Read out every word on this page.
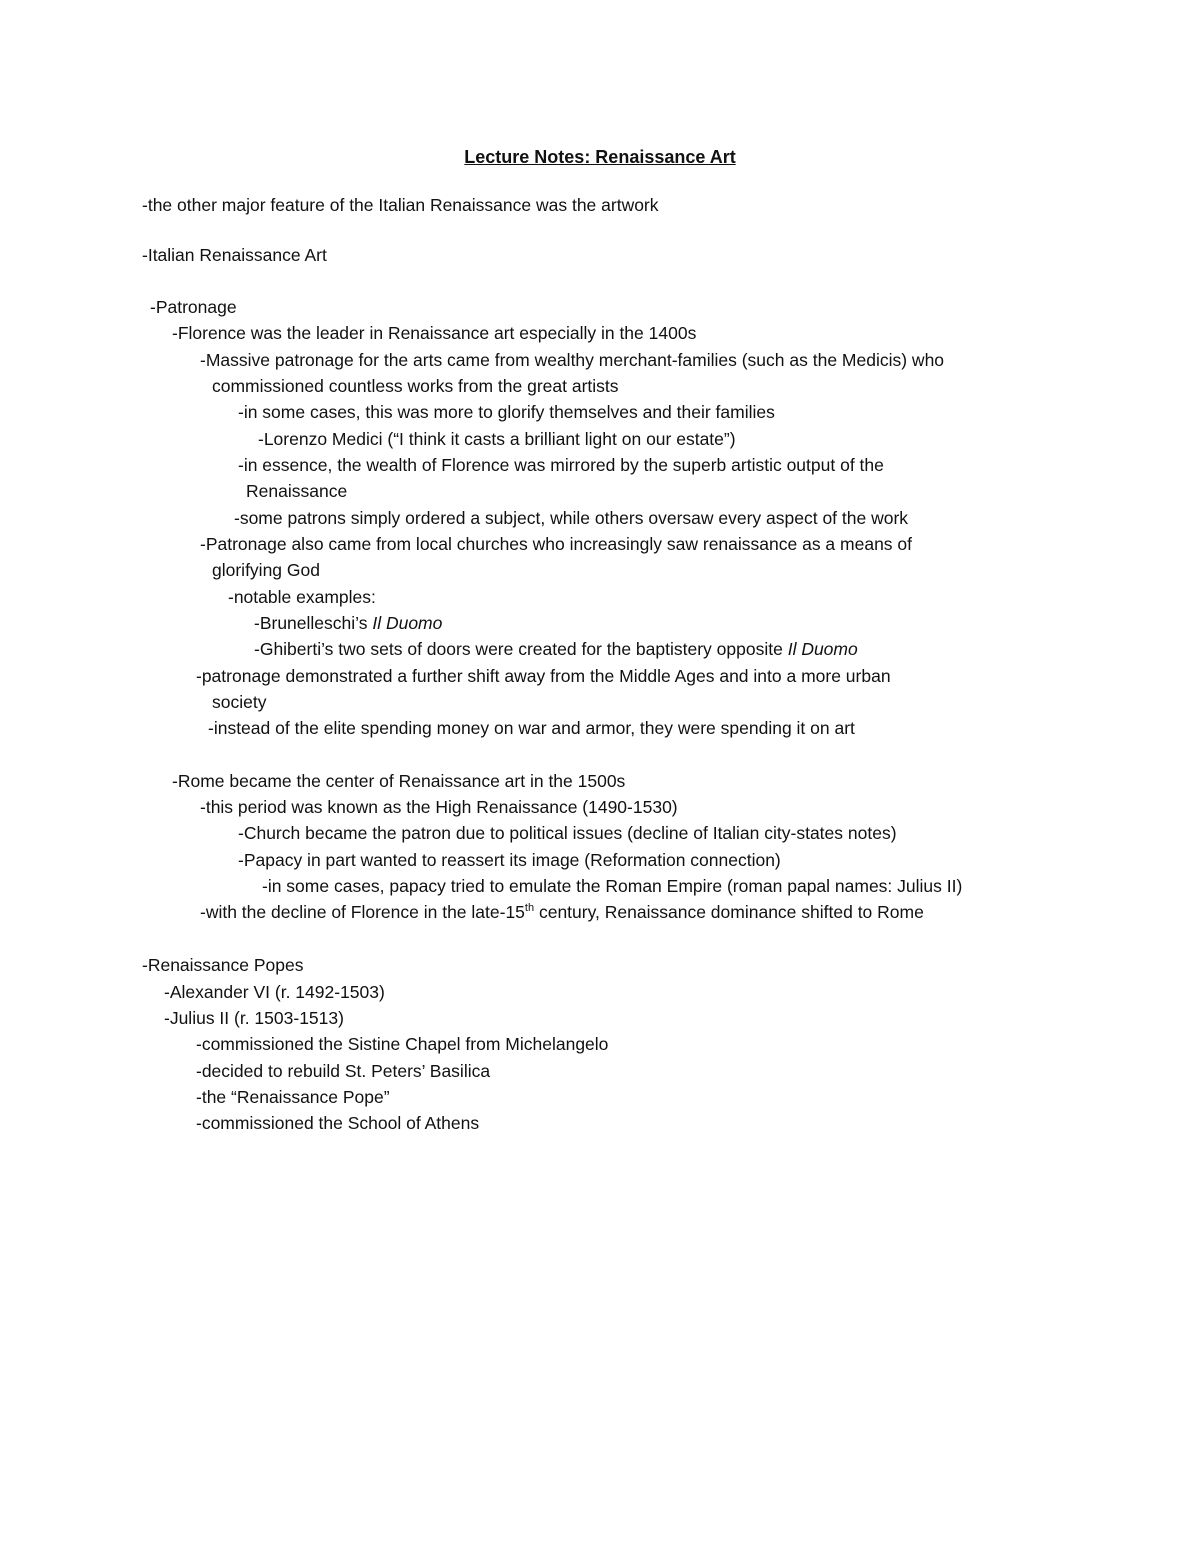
Lecture Notes: Renaissance Art
-the other major feature of the Italian Renaissance was the artwork
-Italian Renaissance Art
-Patronage
-Florence was the leader in Renaissance art especially in the 1400s
-Massive patronage for the arts came from wealthy merchant-families (such as the Medicis) who
commissioned countless works from the great artists
-in some cases, this was more to glorify themselves and their families
-Lorenzo Medici (“I think it casts a brilliant light on our estate”)
-in essence, the wealth of Florence was mirrored by the superb artistic output of the
Renaissance
-some patrons simply ordered a subject, while others oversaw every aspect of the work
-Patronage also came from local churches who increasingly saw renaissance as a means of
glorifying God
-notable examples:
-Brunelleschi’s Il Duomo
-Ghiberti’s two sets of doors were created for the baptistery opposite Il Duomo
-patronage demonstrated a further shift away from the Middle Ages and into a more urban
society
-instead of the elite spending money on war and armor, they were spending it on art
-Rome became the center of Renaissance art in the 1500s
-this period was known as the High Renaissance (1490-1530)
-Church became the patron due to political issues (decline of Italian city-states notes)
-Papacy in part wanted to reassert its image (Reformation connection)
-in some cases, papacy tried to emulate the Roman Empire (roman papal names: Julius II)
-with the decline of Florence in the late-15th century, Renaissance dominance shifted to Rome
-Renaissance Popes
-Alexander VI (r. 1492-1503)
-Julius II (r. 1503-1513)
-commissioned the Sistine Chapel from Michelangelo
-decided to rebuild St. Peters’ Basilica
-the “Renaissance Pope”
-commissioned the School of Athens
